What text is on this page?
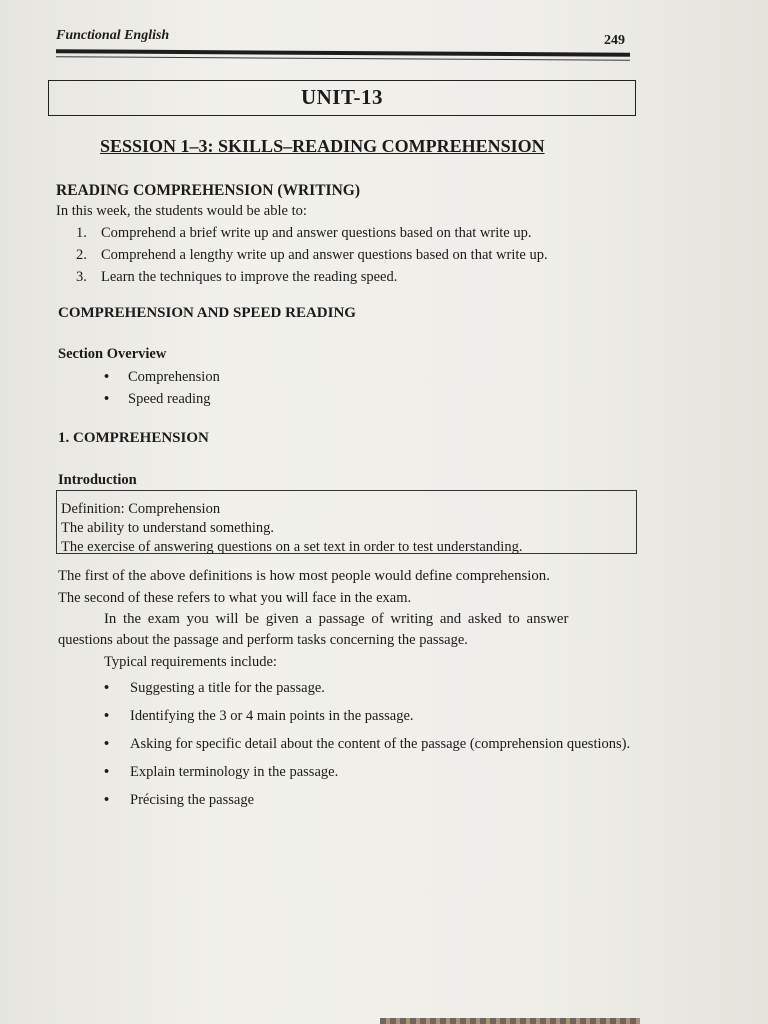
Functional English	249
UNIT-13
SESSION 1–3: SKILLS–READING COMPREHENSION
READING COMPREHENSION (WRITING)
In this week, the students would be able to:
1. Comprehend a brief write up and answer questions based on that write up.
2. Comprehend a lengthy write up and answer questions based on that write up.
3. Learn the techniques to improve the reading speed.
COMPREHENSION AND SPEED READING
Section Overview
• Comprehension
• Speed reading
1. COMPREHENSION
Introduction
Definition: Comprehension
The ability to understand something.
The exercise of answering questions on a set text in order to test understanding.
The first of the above definitions is how most people would define comprehension.
The second of these refers to what you will face in the exam.
In the exam you will be given a passage of writing and asked to answer
questions about the passage and perform tasks concerning the passage.
Typical requirements include:
•	Suggesting a title for the passage.
•	Identifying the 3 or 4 main points in the passage.
•	Asking for specific detail about the content of the passage (comprehension questions).
•	Explain terminology in the passage.
•	Précising the passage
